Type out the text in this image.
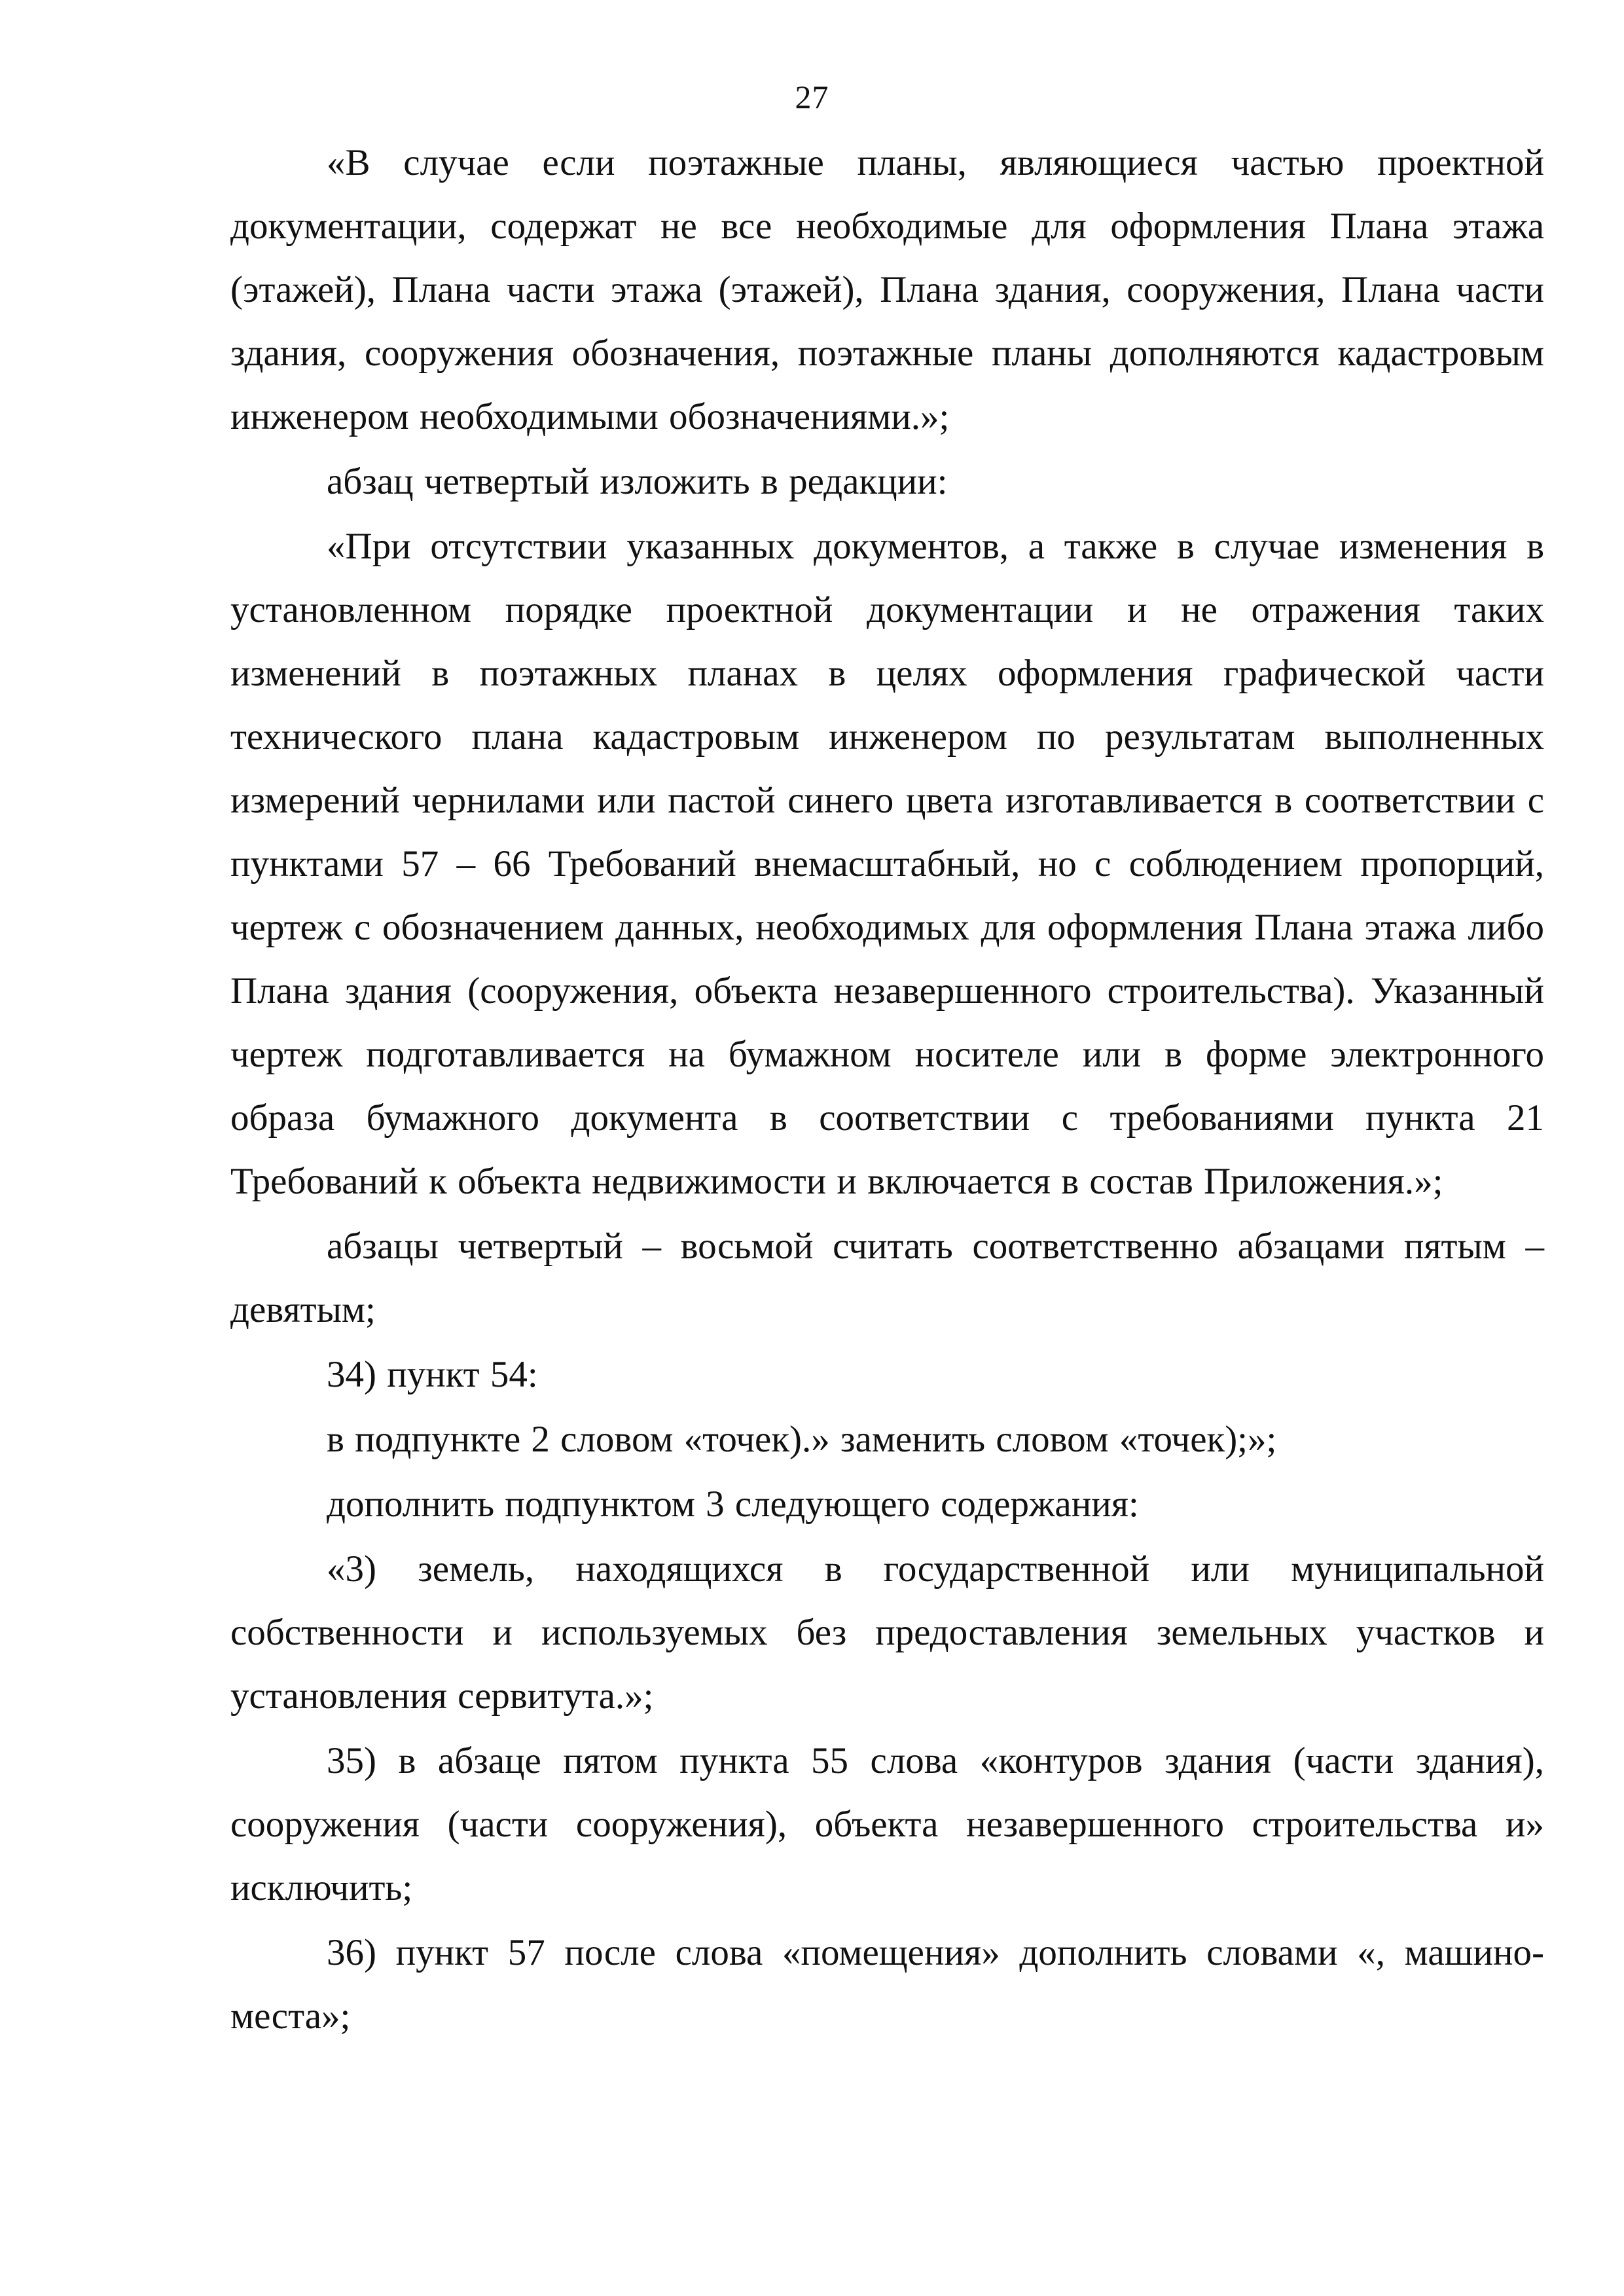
27

«В случае если поэтажные планы, являющиеся частью проектной документации, содержат не все необходимые для оформления Плана этажа (этажей), Плана части этажа (этажей), Плана здания, сооружения, Плана части здания, сооружения обозначения, поэтажные планы дополняются кадастровым инженером необходимыми обозначениями.»;

абзац четвертый изложить в редакции:

«При отсутствии указанных документов, а также в случае изменения в установленном порядке проектной документации и не отражения таких изменений в поэтажных планах в целях оформления графической части технического плана кадастровым инженером по результатам выполненных измерений чернилами или пастой синего цвета изготавливается в соответствии с пунктами 57 – 66 Требований внемасштабный, но с соблюдением пропорций, чертеж с обозначением данных, необходимых для оформления Плана этажа либо Плана здания (сооружения, объекта незавершенного строительства). Указанный чертеж подготавливается на бумажном носителе или в форме электронного образа бумажного документа в соответствии с требованиями пункта 21 Требований к объекта недвижимости и включается в состав Приложения.»;

абзацы четвертый – восьмой считать соответственно абзацами пятым – девятым;

34) пункт 54:

в подпункте 2 словом «точек).» заменить словом «точек);»;

дополнить подпунктом 3 следующего содержания:

«3) земель, находящихся в государственной или муниципальной собственности и используемых без предоставления земельных участков и установления сервитута.»;

35) в абзаце пятом пункта 55 слова «контуров здания (части здания), сооружения (части сооружения), объекта незавершенного строительства и» исключить;

36) пункт 57 после слова «помещения» дополнить словами «, машино-места»;
